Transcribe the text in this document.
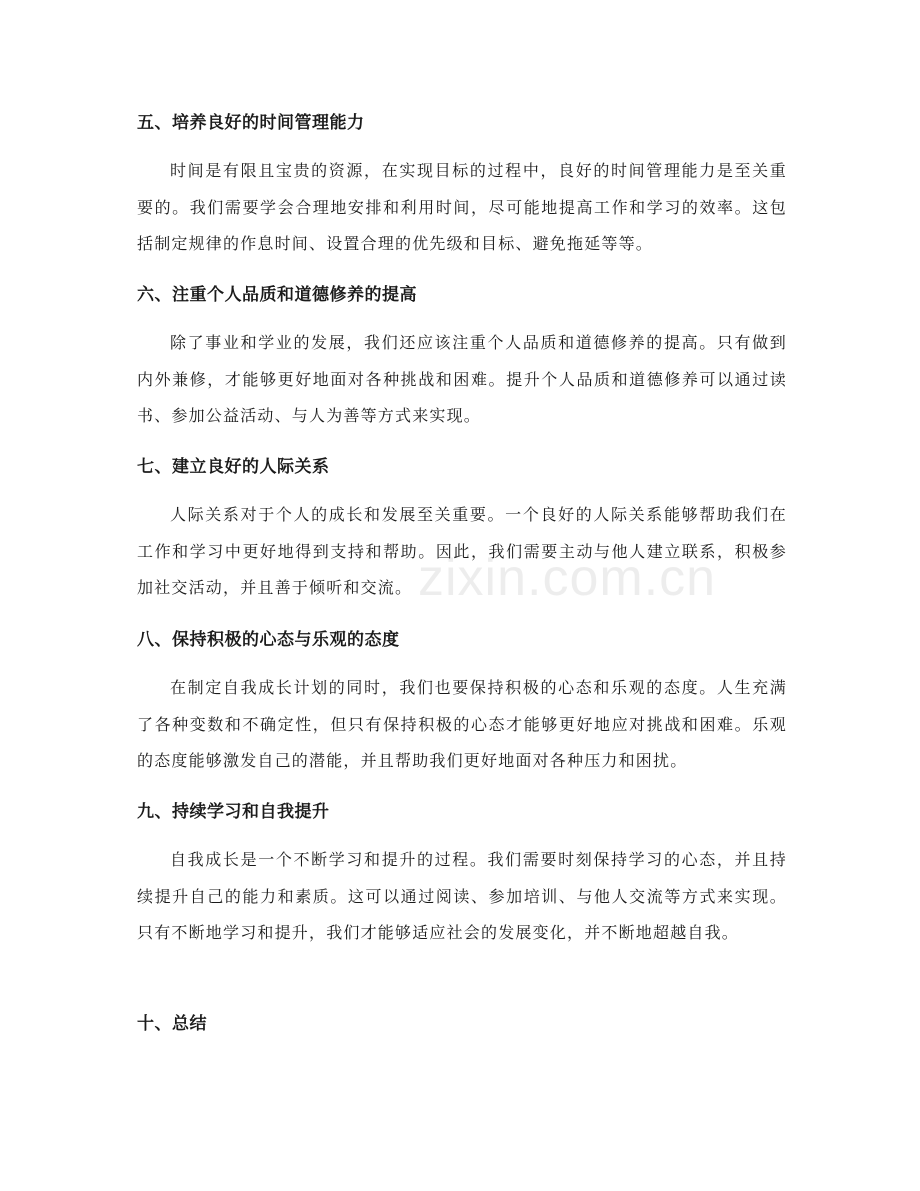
五、培养良好的时间管理能力

时间是有限且宝贵的资源，在实现目标的过程中，良好的时间管理能力是至关重要的。我们需要学会合理地安排和利用时间，尽可能地提高工作和学习的效率。这包括制定规律的作息时间、设置合理的优先级和目标、避免拖延等等。

六、注重个人品质和道德修养的提高

除了事业和学业的发展，我们还应该注重个人品质和道德修养的提高。只有做到内外兼修，才能够更好地面对各种挑战和困难。提升个人品质和道德修养可以通过读书、参加公益活动、与人为善等方式来实现。

七、建立良好的人际关系

人际关系对于个人的成长和发展至关重要。一个良好的人际关系能够帮助我们在工作和学习中更好地得到支持和帮助。因此，我们需要主动与他人建立联系，积极参加社交活动，并且善于倾听和交流。

八、保持积极的心态与乐观的态度

在制定自我成长计划的同时，我们也要保持积极的心态和乐观的态度。人生充满了各种变数和不确定性，但只有保持积极的心态才能够更好地应对挑战和困难。乐观的态度能够激发自己的潜能，并且帮助我们更好地面对各种压力和困扰。

九、持续学习和自我提升

自我成长是一个不断学习和提升的过程。我们需要时刻保持学习的心态，并且持续提升自己的能力和素质。这可以通过阅读、参加培训、与他人交流等方式来实现。只有不断地学习和提升，我们才能够适应社会的发展变化，并不断地超越自我。

十、总结
zixin.com.cn
